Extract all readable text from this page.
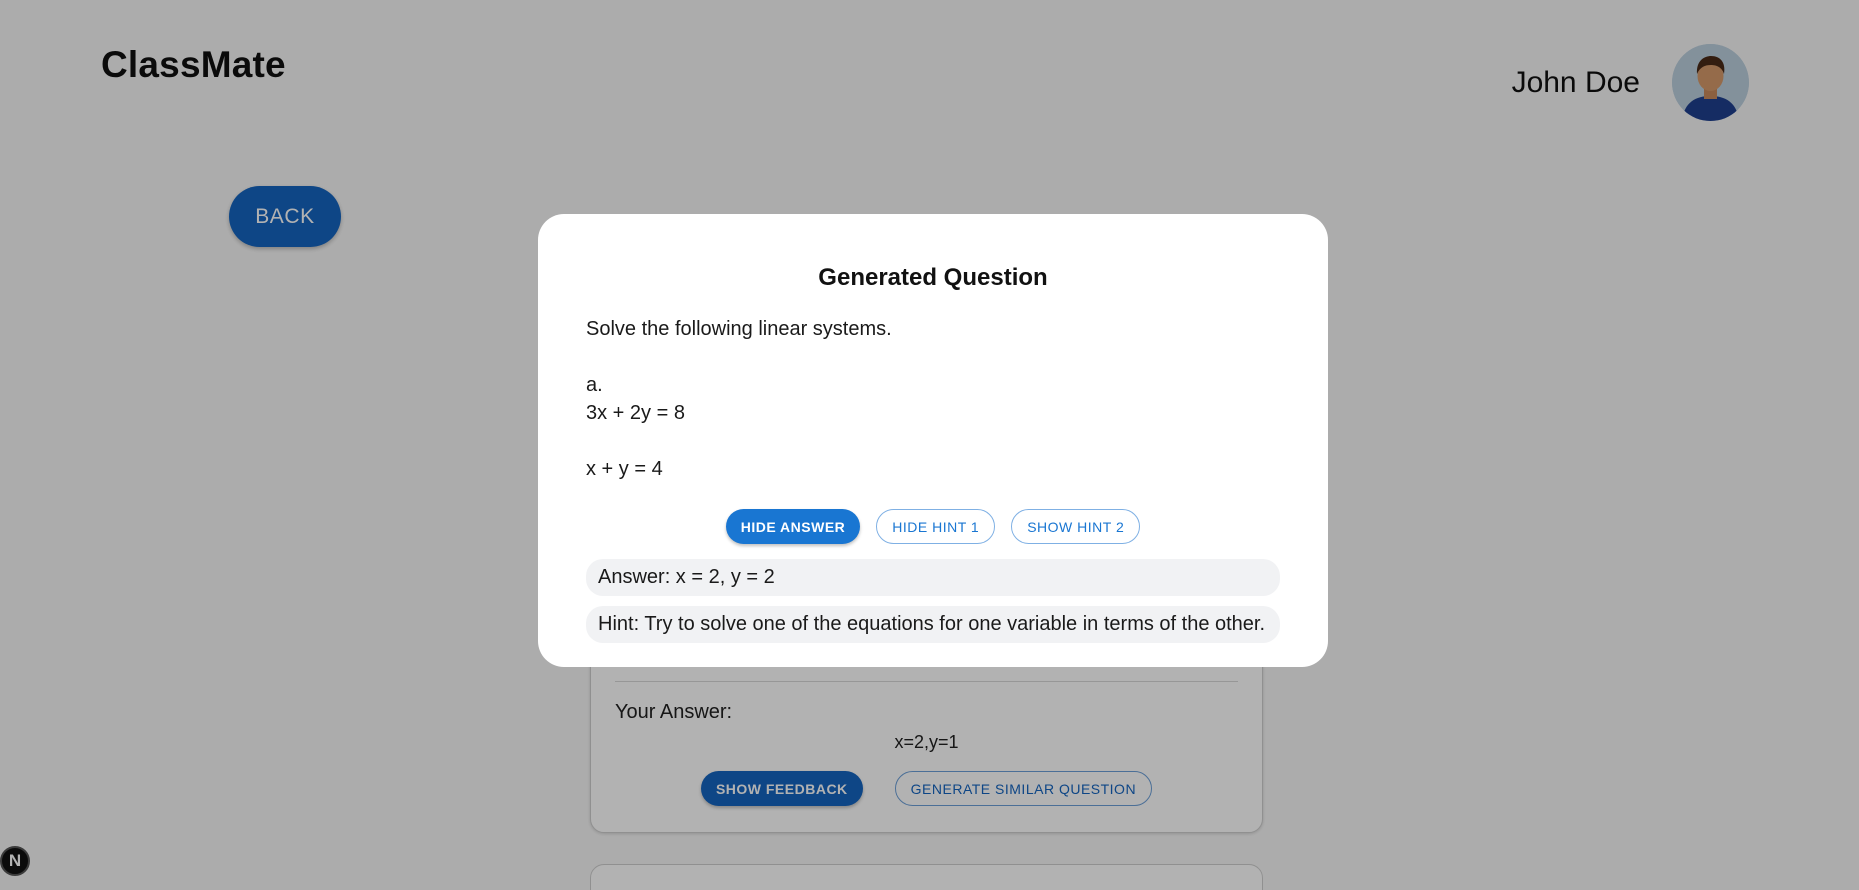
ClassMate	John Doe
BACK
Your Answer:
x=2,y=1
SHOW FEEDBACK	GENERATE SIMILAR QUESTION
N
Generated Question
Solve the following linear systems.
a.
3x + 2y = 8
x + y = 4
HIDE ANSWER	HIDE HINT 1	SHOW HINT 2
Answer: x = 2, y = 2
Hint: Try to solve one of the equations for one variable in terms of the other.
